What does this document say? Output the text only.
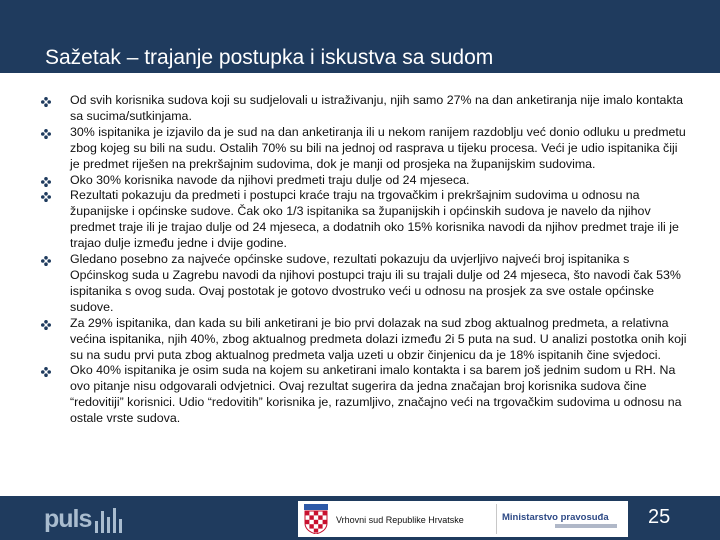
Sažetak – trajanje postupka i iskustva sa sudom
Od svih korisnika sudova koji su sudjelovali u istraživanju, njih samo 27% na dan anketiranja nije imalo kontakta sa sucima/sutkinjama.
30% ispitanika je izjavilo da je sud na dan anketiranja ili u nekom ranijem razdoblju već donio odluku u predmetu zbog kojeg su bili na sudu. Ostalih 70% su bili na jednoj od rasprava u tijeku procesa. Veći je udio ispitanika čiji je predmet riješen na prekršajnim sudovima, dok je manji od prosjeka na županijskim sudovima.
Oko 30% korisnika navode da njihovi predmeti traju dulje od 24 mjeseca.
Rezultati pokazuju da predmeti i postupci kraće traju na trgovačkim i prekršajnim sudovima u odnosu na županijske i općinske sudove. Čak oko 1/3 ispitanika sa županijskih i općinskih sudova je navelo da njihov predmet traje ili je trajao dulje od 24 mjeseca, a dodatnih oko 15% korisnika navodi da njihov predmet traje ili je trajao dulje između jedne i dvije godine.
Gledano posebno za najveće općinske sudove, rezultati pokazuju da uvjerljivo najveći broj ispitanika s Općinskog suda u Zagrebu navodi da njihovi postupci traju ili su trajali dulje od 24 mjeseca, što navodi čak 53% ispitanika s ovog suda. Ovaj postotak je gotovo dvostruko veći u odnosu na prosjek za sve ostale općinske sudove.
Za 29% ispitanika, dan kada su bili anketirani je bio prvi dolazak na sud zbog aktualnog predmeta, a relativna većina ispitanika, njih 40%, zbog aktualnog predmeta dolazi između 2i 5 puta na sud. U analizi postotka onih koji su na sudu prvi puta zbog aktualnog predmeta valja uzeti u obzir činjenicu da je 18% ispitanih čine svjedoci.
Oko 40% ispitanika je osim suda na kojem su anketirani imalo kontakta i sa barem još jednim sudom u RH. Na ovo pitanje nisu odgovarali odvjetnici. Ovaj rezultat sugerira da jedna značajan broj korisnika sudova čine “redovitiji” korisnici. Udio “redovitih” korisnika je, razumljivo, značajno veći na trgovačkim sudovima u odnosu na ostale vrste sudova.
puls	Vrhovni sud Republike Hrvatske	Ministarstvo pravosuđa 25
